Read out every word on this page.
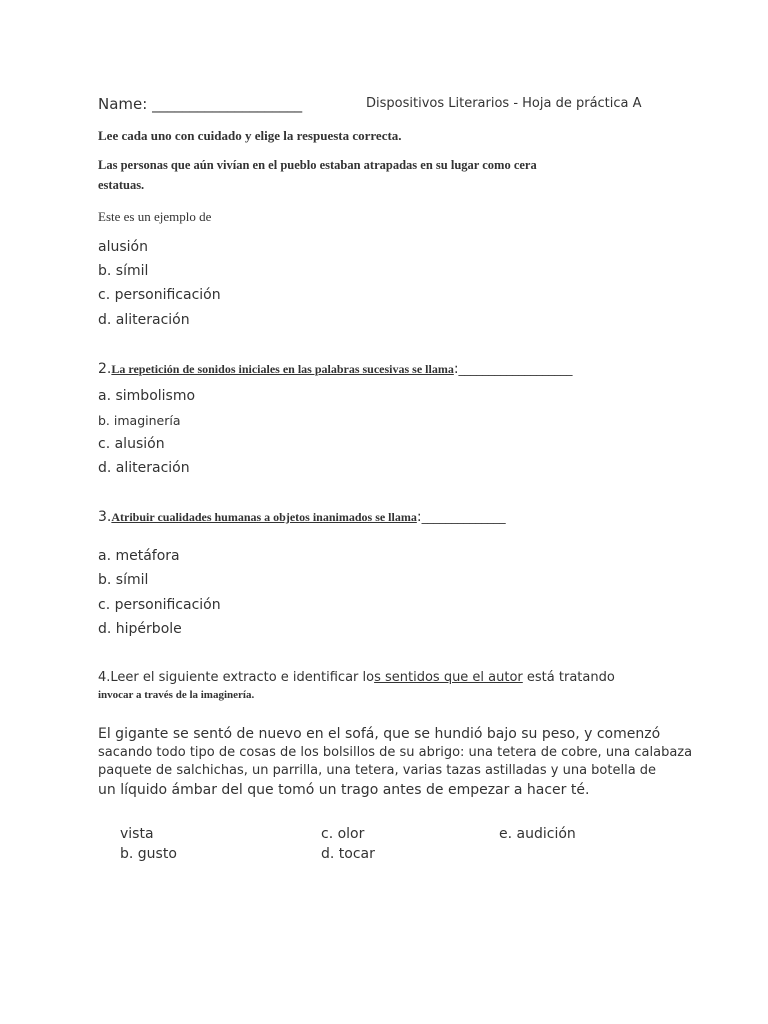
Name: ____________________	Dispositivos Literarios - Hoja de práctica A
Lee cada uno con cuidado y elige la respuesta correcta.
Las personas que aún vivían en el pueblo estaban atrapadas en su lugar como cera
estatuas.
Este es un ejemplo de
alusión
b. símil
c. personificación
d. aliteración
2.La repetición de sonidos iniciales en las palabras sucesivas se llama:___________________
a. simbolismo
b. imaginería
c. alusión
d. aliteración
3.Atribuir cualidades humanas a objetos inanimados se llama:______________
a. metáfora
b. símil
c. personificación
d. hipérbole
4.Leer el siguiente extracto e identificar los sentidos que el autor está tratando
invocar a través de la imaginería.
El gigante se sentó de nuevo en el sofá, que se hundió bajo su peso, y comenzó
sacando todo tipo de cosas de los bolsillos de su abrigo: una tetera de cobre, una calabaza
paquete de salchichas, un parrilla, una tetera, varias tazas astilladas y una botella de
un líquido ámbar del que tomó un trago antes de empezar a hacer té.
vista
b. gusto
c. olor
d. tocar
e. audición
